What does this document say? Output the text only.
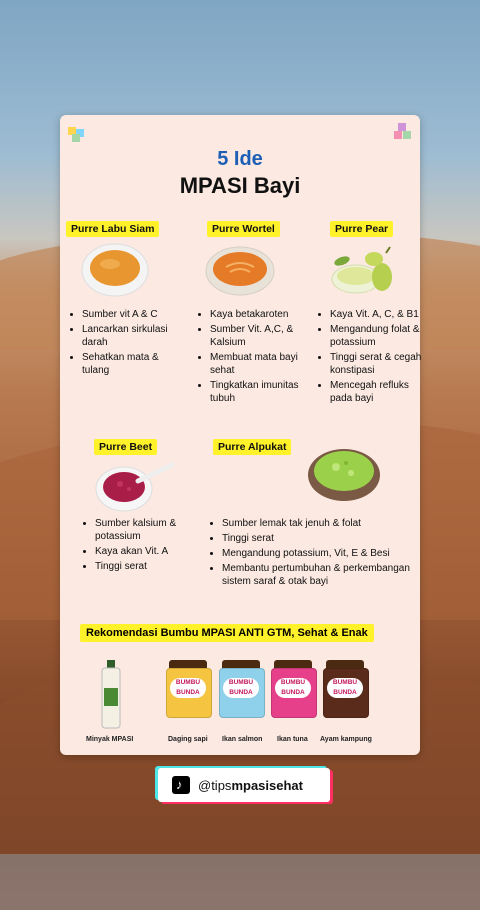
5 Ide
MPASI Bayi
Purre Labu Siam
• Sumber vit A & C
• Lancarkan sirkulasi darah
• Sehatkan mata & tulang
Purre Wortel
• Kaya betakaroten
• Sumber Vit. A,C, & Kalsium
• Membuat mata bayi sehat
• Tingkatkan imunitas tubuh
Purre Pear
• Kaya Vit. A, C, & B1
• Mengandung folat & potassium
• Tinggi serat & cegah konstipasi
• Mencegah refluks pada bayi
Purre Beet
• Sumber kalsium & potassium
• Kaya akan Vit. A
• Tinggi serat
Purre Alpukat
• Sumber lemak tak jenuh & folat
• Tinggi serat
• Mengandung potassium, Vit, E & Besi
• Membantu pertumbuhan & perkembangan sistem saraf & otak bayi
Rekomendasi Bumbu MPASI ANTI GTM, Sehat & Enak
Minyak MPASI
BUMBU BUNDA
Daging sapi
BUMBU BUNDA
Ikan salmon
BUMBU BUNDA
Ikan tuna
BUMBU BUNDA
Ayam kampung
♪
@tipsmpasisehat
